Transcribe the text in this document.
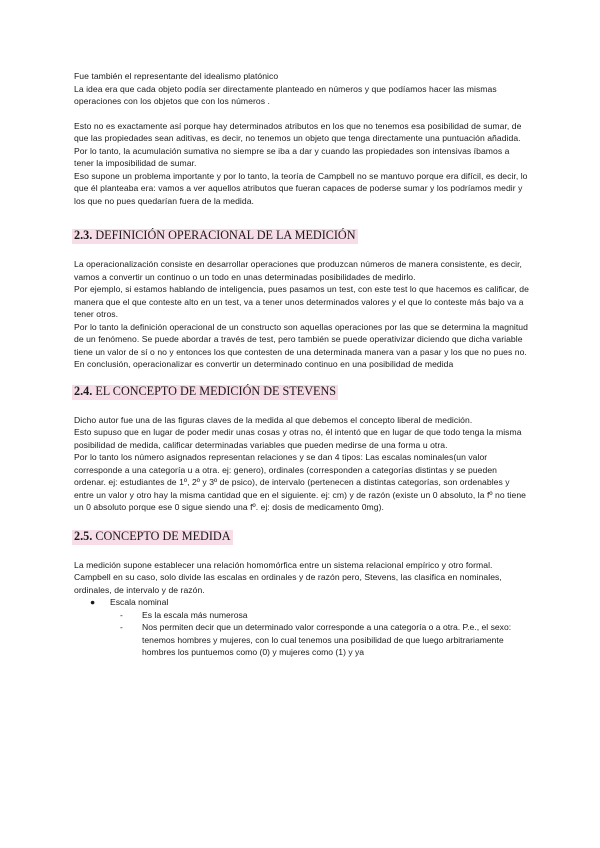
Fue también el representante del idealismo platónico

La idea era que cada objeto podía ser directamente planteado en números y que podíamos hacer las mismas operaciones con los objetos que con los números .

Esto no es exactamente así porque hay determinados atributos en los que no tenemos esa posibilidad de sumar, de que las propiedades sean aditivas, es decir, no tenemos un objeto que tenga directamente una puntuación añadida. Por lo tanto, la acumulación sumativa no siempre se iba a dar y cuando las propiedades son intensivas íbamos a tener la imposibilidad de sumar.

Eso supone un problema importante y por lo tanto, la teoría de Campbell no se mantuvo porque era difícil, es decir, lo que él planteaba era: vamos a ver aquellos atributos que fueran capaces de poderse sumar y los podríamos medir y los que no pues quedarían fuera de la medida.

2.3. DEFINICIÓN OPERACIONAL DE LA MEDICIÓN

La operacionalización consiste en desarrollar operaciones que produzcan números de manera consistente, es decir, vamos a convertir un continuo o un todo en unas determinadas posibilidades de medirlo.

Por ejemplo, si estamos hablando de inteligencia, pues pasamos un test, con este test lo que hacemos es calificar, de manera que el que conteste alto en un test, va a tener unos determinados valores y el que lo conteste más bajo va a tener otros.

Por lo tanto la definición operacional de un constructo son aquellas operaciones por las que se determina la magnitud de un fenómeno. Se puede abordar a través de test, pero también se puede operativizar diciendo que dicha variable tiene un valor de sí o no y entonces los que contesten de una determinada manera van a pasar y los que no pues no.

En conclusión, operacionalizar es convertir un determinado continuo en una posibilidad de medida

2.4. EL CONCEPTO DE MEDICIÓN DE STEVENS

Dicho autor fue una de las figuras claves de la medida al que debemos el concepto liberal de medición.

Esto supuso que en lugar de poder medir unas cosas y otras no, él intentó que en lugar de que todo tenga la misma posibilidad de medida, calificar determinadas variables que pueden medirse de una forma u otra.

Por lo tanto los número asignados representan relaciones y se dan 4 tipos: Las escalas nominales(un valor corresponde a una categoría u a otra. ej: genero), ordinales (corresponden a categorías distintas y se pueden ordenar. ej: estudiantes de 1º, 2º y 3º de psico), de intervalo (pertenecen a distintas categorías, son ordenables y entre un valor y otro hay la misma cantidad que en el siguiente. ej: cm) y de razón (existe un 0 absoluto, la fº no tiene un 0 absoluto porque ese 0 sigue siendo una fº. ej: dosis de medicamento 0mg).

2.5. CONCEPTO DE MEDIDA

La medición supone establecer una relación homomórfica entre un sistema relacional empírico y otro formal. Campbell en su caso, solo divide las escalas en ordinales y de razón pero, Stevens, las clasifica en nominales, ordinales, de intervalo y de razón.

●	Escala nominal
-	Es la escala más numerosa
-	Nos permiten decir que un determinado valor corresponde a una categoría o a otra. P.e., el sexo: tenemos hombres y mujeres, con lo cual tenemos una posibilidad de que luego arbitrariamente hombres los puntuemos como (0) y mujeres como (1) y ya
